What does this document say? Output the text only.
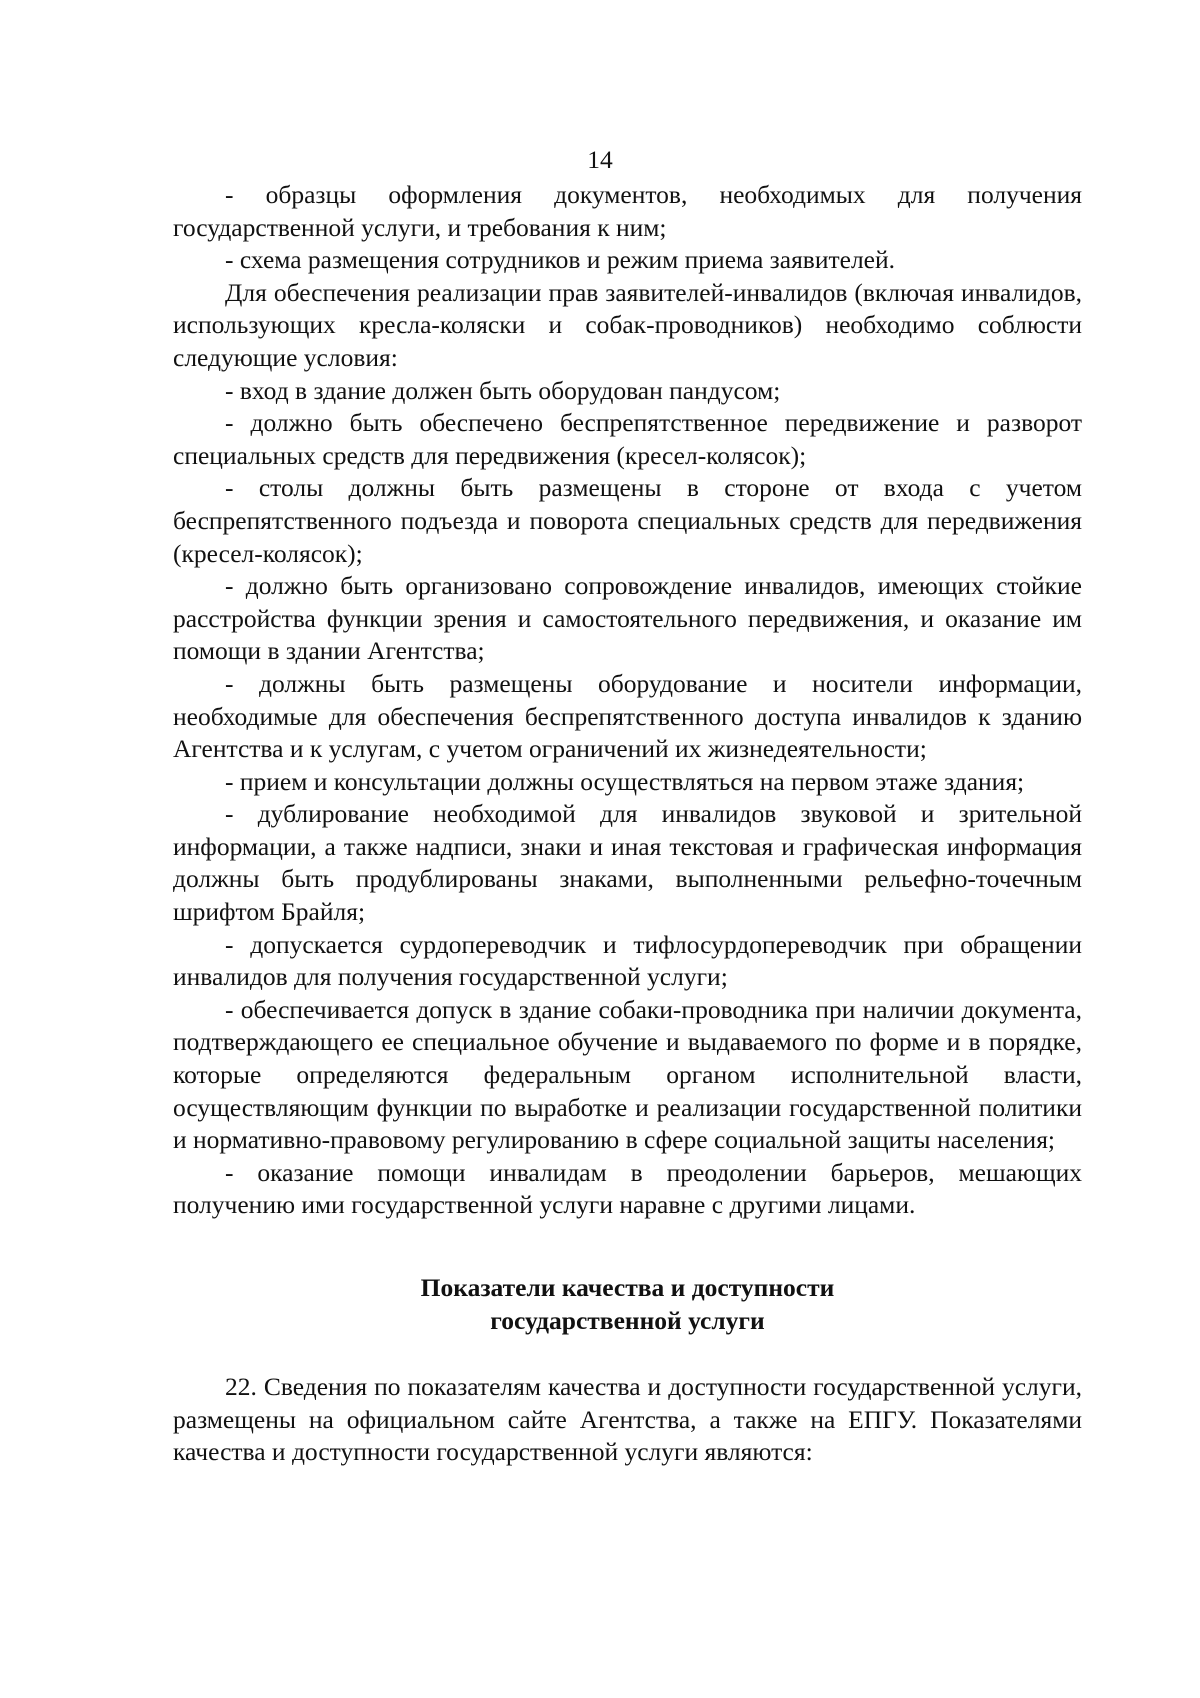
14

- образцы оформления документов, необходимых для получения государственной услуги, и требования к ним;

- схема размещения сотрудников и режим приема заявителей.

Для обеспечения реализации прав заявителей-инвалидов (включая инвалидов, использующих кресла-коляски и собак-проводников) необходимо соблюсти следующие условия:

- вход в здание должен быть оборудован пандусом;

- должно быть обеспечено беспрепятственное передвижение и разворот специальных средств для передвижения (кресел-колясок);

- столы должны быть размещены в стороне от входа с учетом беспрепятственного подъезда и поворота специальных средств для передвижения (кресел-колясок);

- должно быть организовано сопровождение инвалидов, имеющих стойкие расстройства функции зрения и самостоятельного передвижения, и оказание им помощи в здании Агентства;

- должны быть размещены оборудование и носители информации, необходимые для обеспечения беспрепятственного доступа инвалидов к зданию Агентства и к услугам, с учетом ограничений их жизнедеятельности;

- прием и консультации должны осуществляться на первом этаже здания;

- дублирование необходимой для инвалидов звуковой и зрительной информации, а также надписи, знаки и иная текстовая и графическая информация должны быть продублированы знаками, выполненными рельефно-точечным шрифтом Брайля;

- допускается сурдопереводчик и тифлосурдопереводчик при обращении инвалидов для получения государственной услуги;

- обеспечивается допуск в здание собаки-проводника при наличии документа, подтверждающего ее специальное обучение и выдаваемого по форме и в порядке, которые определяются федеральным органом исполнительной власти, осуществляющим функции по выработке и реализации государственной политики и нормативно-правовому регулированию в сфере социальной защиты населения;

- оказание помощи инвалидам в преодолении барьеров, мешающих получению ими государственной услуги наравне с другими лицами.

Показатели качества и доступности
государственной услуги

22. Сведения по показателям качества и доступности государственной услуги, размещены на официальном сайте Агентства, а также на ЕПГУ. Показателями качества и доступности государственной услуги являются:
